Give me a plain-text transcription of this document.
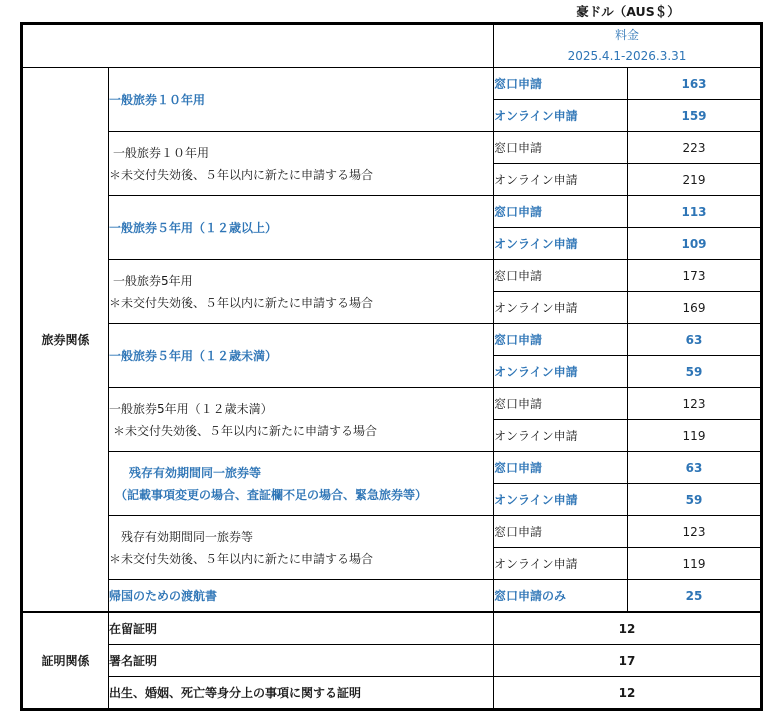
豪ドル（AUS＄）

		料金
2025.4.1-2026.3.31	

旅券関係	一般旅券１０年用	窓口申請	163
		オンライン申請	159

	一般旅券１０年用
＊未交付失効後、５年以内に新たに申請する場合	窓口申請	223
		オンライン申請	219
	一般旅券５年用（１２歳以上）	窓口申請	113
		オンライン申請	109

	一般旅券5年用
＊未交付失効後、５年以内に新たに申請する場合	窓口申請	173
		オンライン申請	169
	一般旅券５年用（１２歳未満）	窓口申請	63
		オンライン申請	59

	一般旅券5年用（１２歳未満）
＊未交付失効後、５年以内に新たに申請する場合	窓口申請	123
		オンライン申請	119

	残存有効期間同一旅券等
（記載事項変更の場合、査証欄不足の場合、緊急旅券等）	窓口申請	63
		オンライン申請	59

	残存有効期間同一旅券等
＊未交付失効後、５年以内に新たに申請する場合	窓口申請	123
		オンライン申請	119
	帰国のための渡航書	窓口申請のみ	25
証明関係	在留証明	12	
	署名証明	17	
	出生、婚姻、死亡等身分上の事項に関する証明	12	
